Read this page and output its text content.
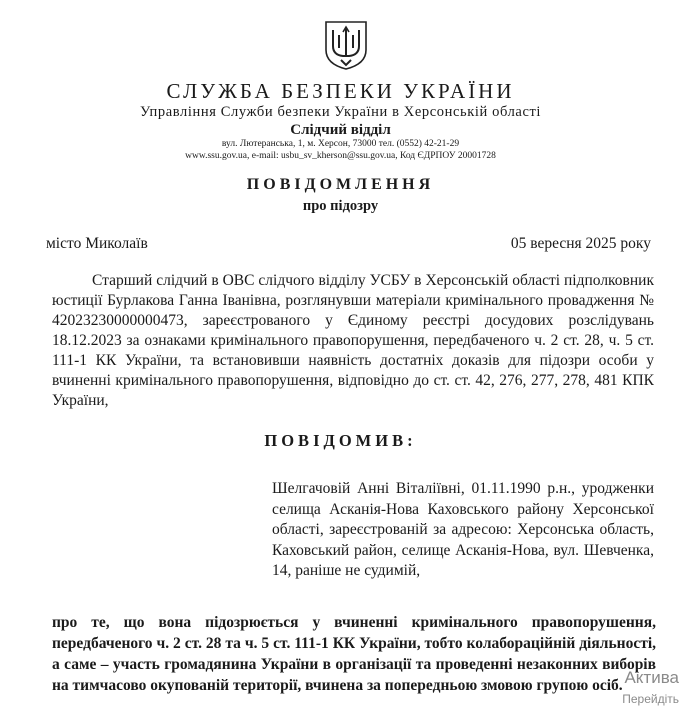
СЛУЖБА БЕЗПЕКИ УКРАЇНИ
Управління Служби безпеки України в Херсонській області
Слідчий відділ
вул. Лютеранська, 1, м. Херсон, 73000 тел. (0552) 42-21-29
www.ssu.gov.ua, e-mail: usbu_sv_kherson@ssu.gov.ua, Код ЄДРПОУ 20001728
ПОВІДОМЛЕННЯ
про підозру
місто Миколаїв	05 вересня 2025 року

Старший слідчий в ОВС слідчого відділу УСБУ в Херсонській області підполковник юстиції Бурлакова Ганна Іванівна, розглянувши матеріали кримінального провадження № 42023230000000473, зареєстрованого у Єдиному реєстрі досудових розслідувань 18.12.2023 за ознаками кримінального правопорушення, передбаченого ч. 2 ст. 28, ч. 5 ст. 111-1 КК України, та встановивши наявність достатніх доказів для підозри особи у вчиненні кримінального правопорушення, відповідно до ст. ст. 42, 276, 277, 278, 481 КПК України,

ПОВІДОМИВ:

Шелгачовій Анні Віталіївні, 01.11.1990 р.н., уродженки селища Асканія-Нова Каховського району Херсонської області, зареєстрованій за адресою: Херсонська область, Каховський район, селище Асканія-Нова, вул. Шевченка, 14, раніше не судимій,

про те, що вона підозрюється у вчиненні кримінального правопорушення, передбаченого ч. 2 ст. 28 та ч. 5 ст. 111-1 КК України, тобто колабораційній діяльності, а саме – участь громадянина України в організації та проведенні незаконних виборів на тимчасово окупованій території, вчинена за попередньою змовою групою осіб. Актива
Перейдіть
